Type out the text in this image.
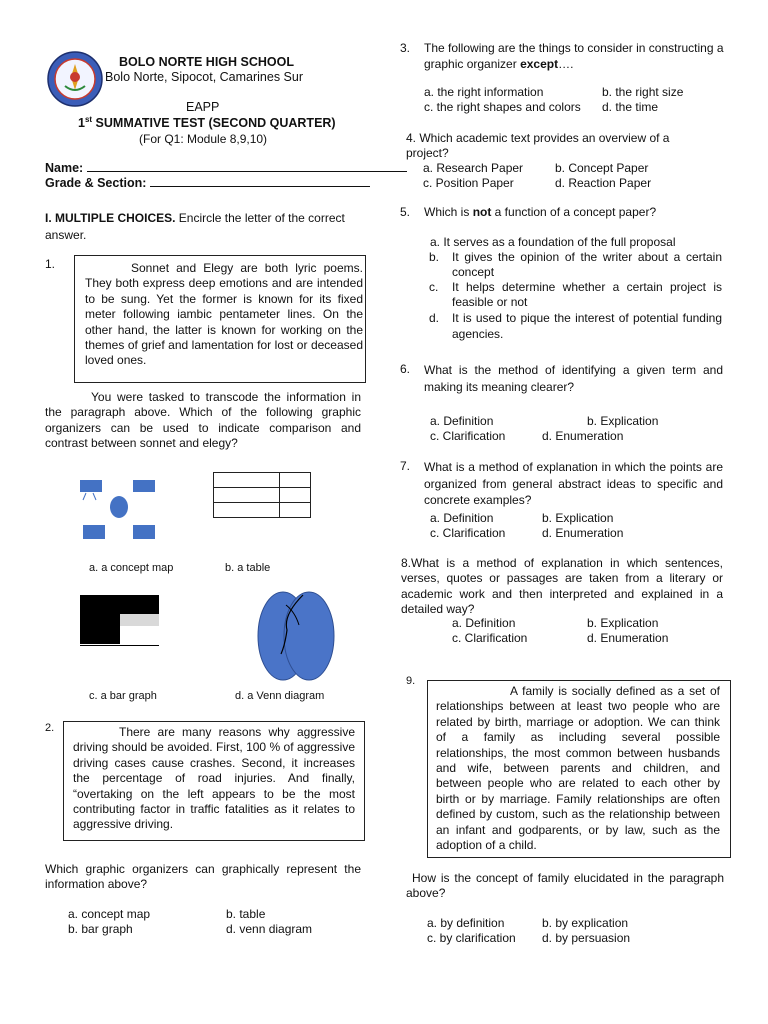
BOLO NORTE HIGH SCHOOL
Bolo Norte, Sipocot, Camarines Sur
EAPP
1st SUMMATIVE TEST (SECOND QUARTER)
(For Q1: Module 8,9,10)
Name:
Grade & Section:
I. MULTIPLE CHOICES. Encircle the letter of the correct answer.
1.	Sonnet and Elegy are both lyric poems. They both express deep emotions and are intended to be sung. Yet the former is known for its fixed meter following iambic pentameter lines. On the other hand, the latter is known for working on the themes of grief and lamentation for lost or deceased loved ones.
You were tasked to transcode the information in the paragraph above. Which of the following graphic organizers can be used to indicate comparison and contrast between sonnet and elegy?
a. a concept map	b. a table
c. a bar graph	d. a Venn diagram
2.	There are many reasons why aggressive driving should be avoided. First, 100 % of aggressive driving cases cause crashes. Second, it increases the percentage of road injuries. And finally, “overtaking on the left appears to be the most contributing factor in traffic fatalities as it relates to aggressive driving.
Which graphic organizers can graphically represent the information above?
a. concept map	b. table
b. bar graph	d. venn diagram
3. The following are the things to consider in constructing a graphic organizer except….
a. the right information	b. the right size
c. the right shapes and colors d. the time
4. Which academic text provides an overview of a project?
a. Research Paper	b. Concept Paper
c. Position Paper	d. Reaction Paper
5. Which is not a function of a concept paper?
a. It serves as a foundation of the full proposal
b. It gives the opinion of the writer about a certain concept
c. It helps determine whether a certain project is feasible or not
d. It is used to pique the interest of potential funding agencies.
6. What is the method of identifying a given term and making its meaning clearer?
a. Definition	b. Explication
c. Clarification	d. Enumeration
7. What is a method of explanation in which the points are organized from general abstract ideas to specific and concrete examples?
a. Definition	b. Explication
c. Clarification	d. Enumeration
8.What is a method of explanation in which sentences, verses, quotes or passages are taken from a literary or academic work and then interpreted and explained in a detailed way?
a. Definition	b. Explication
c. Clarification	d. Enumeration
9.
A family is socially defined as a set of relationships between at least two people who are related by birth, marriage or adoption. We can think of a family as including several possible relationships, the most common between husbands and wife, between parents and children, and between people who are related to each other by birth or by marriage. Family relationships are often defined by custom, such as the relationship between an infant and godparents, or by law, such as the adoption of a child.
How is the concept of family elucidated in the paragraph above?
a. by definition	b. by explication
c. by clarification d. by persuasion
